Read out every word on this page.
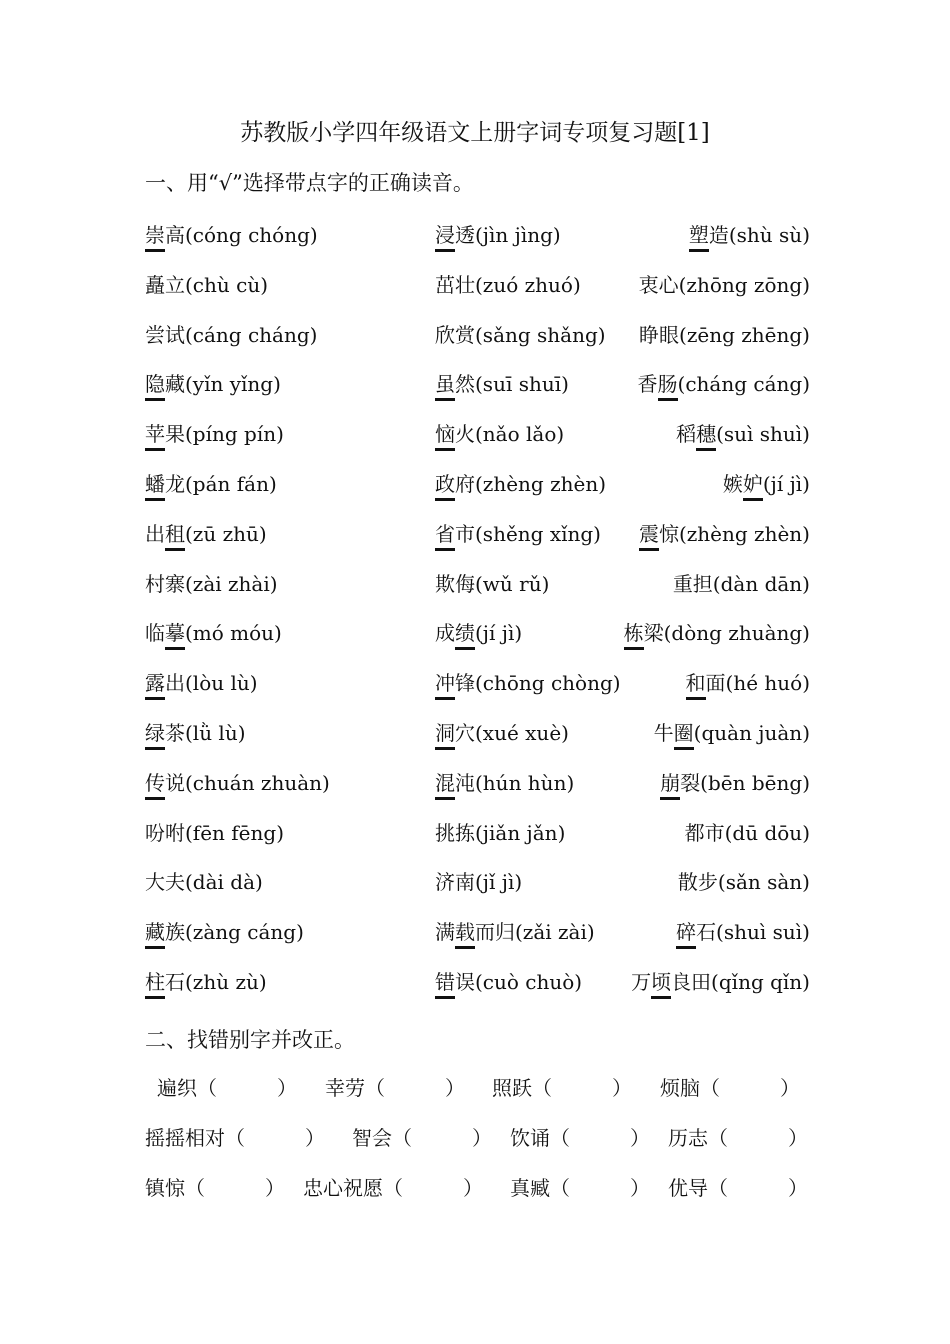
苏教版小学四年级语文上册字词专项复习题[1]
一、用“√”选择带点字的正确读音。
崇高(cóng chóng)	浸透(jìn jìng)	塑造(shù sù)
矗立(chù cù)	茁壮(zuó zhuó)	衷心(zhōng zōng)
尝试(cáng cháng)	欣赏(sǎng shǎng) 睁眼(zēng zhēng)
隐藏(yǐn yǐng)	虽然(suī shuī)	香肠(cháng cáng)
苹果(píng pín)	恼火(nǎo lǎo)	稻穗(suì shuì)
蟠龙(pán fán)	政府(zhèng zhèn)	嫉妒(jí jì)
出租(zū zhū)	省市(shěng xǐng) 震惊(zhèng zhèn)
村寨(zài zhài)	欺侮(wǔ rǔ)	重担(dàn dān)
临摹(mó móu)	成绩(jí jì)	栋梁(dòng zhuàng)
露出(lòu lù)	冲锋(chōng chòng)	和面(hé huó)
绿茶(lǜ lù)	洞穴(xué xuè)	牛圈(quàn juàn)
传说(chuán zhuàn)	混沌(hún hùn)	崩裂(bēn bēng)
吩咐(fēn fēng)	挑拣(jiǎn jǎn)	都市(dū dōu)
大夫(dài dà)	济南(jǐ jì)	散步(sǎn sàn)
藏族(zàng cáng)	满载而归(zǎi zài)	碎石(shuì suì)
柱石(zhù zù)	错误(cuò chuò) 万顷良田(qǐng qǐn)
二、找错别字并改正。
遍织（　　　） 幸劳（　　　） 照跃（　　　） 烦脑（　　　）
摇摇相对（　　　） 智会（　　　） 饮诵（　　　） 历志（　　　）
镇惊（　　　） 忠心祝愿（　　　） 真臧（　　　） 优导（　　　）
